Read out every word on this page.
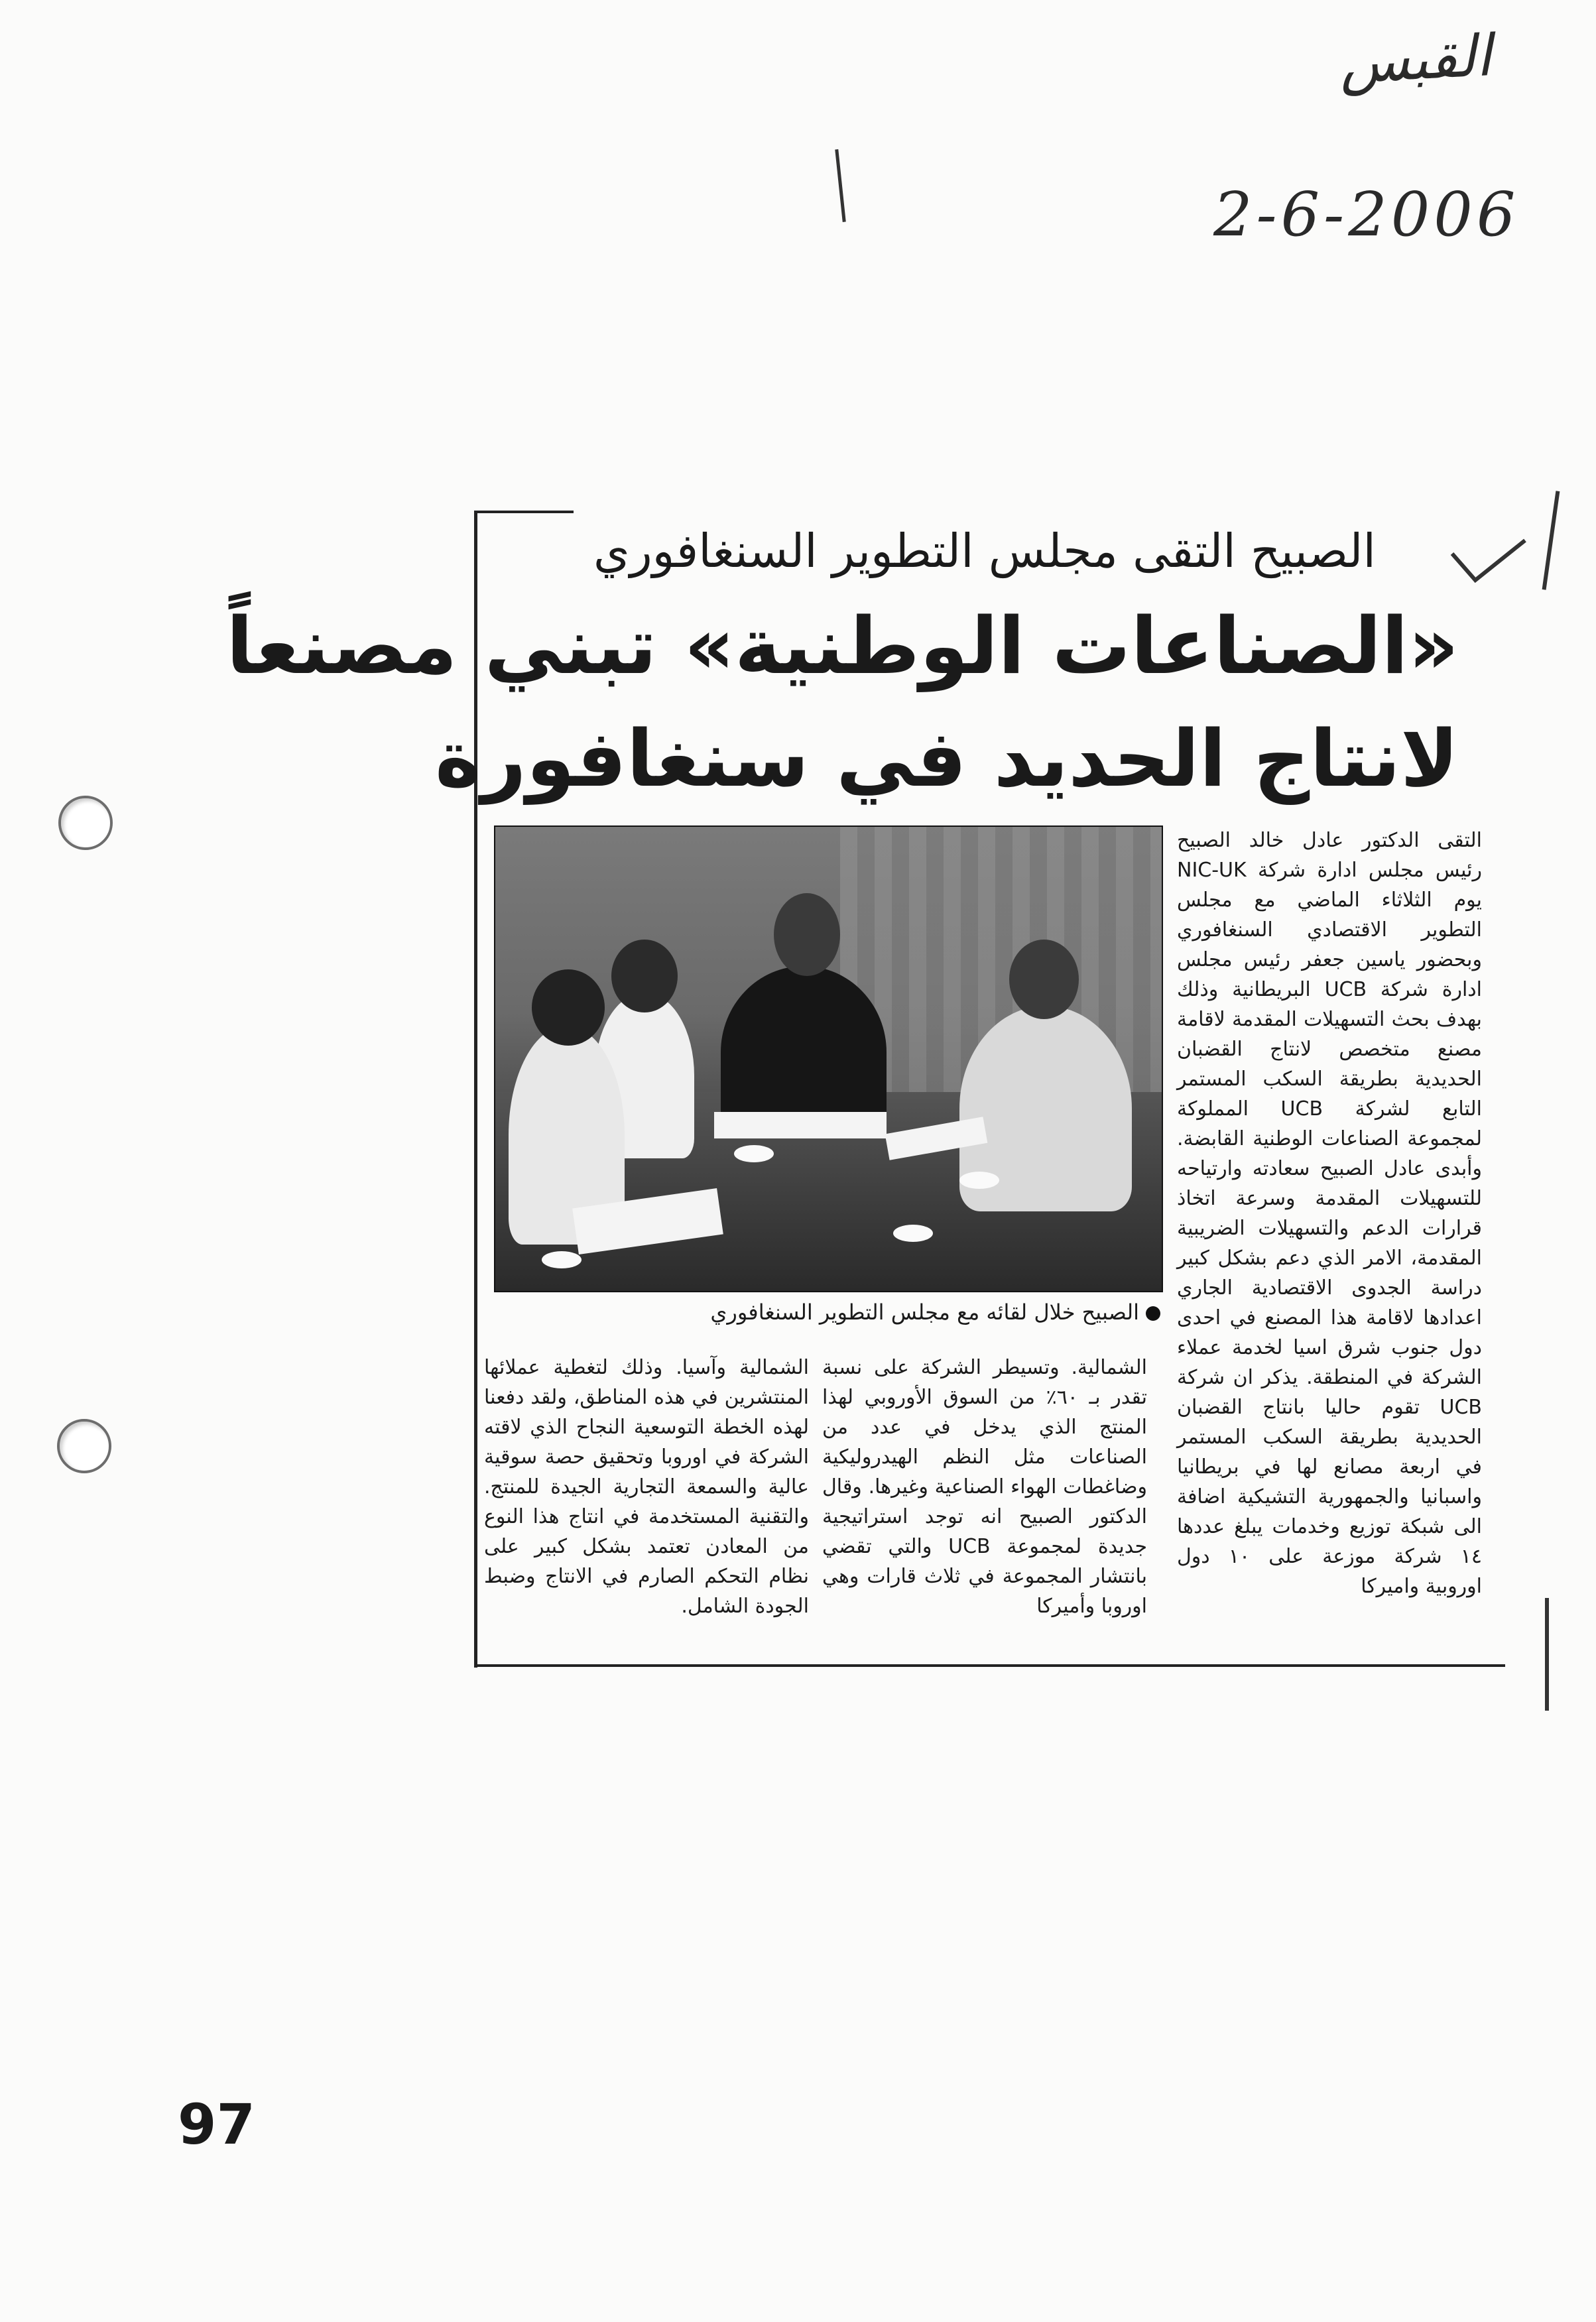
القبس
2-6-2006
الصبيح التقى مجلس التطوير السنغافوري
«الصناعات الوطنية» تبني مصنعاً
لانتاج الحديد في سنغافورة
الصبيح خلال لقائه مع مجلس التطوير السنغافوري

التقى الدكتور عادل خالد الصبيح رئيس مجلس ادارة شركة NIC-UK يوم الثلاثاء الماضي مع مجلس التطوير الاقتصادي السنغافوري وبحضور ياسين جعفر رئيس مجلس ادارة شركة UCB البريطانية وذلك بهدف بحث التسهيلات المقدمة لاقامة مصنع متخصص لانتاج القضبان الحديدية بطريقة السكب المستمر التابع لشركة UCB المملوكة لمجموعة الصناعات الوطنية القابضة. وأبدى عادل الصبيح سعادته وارتياحه للتسهيلات المقدمة وسرعة اتخاذ قرارات الدعم والتسهيلات الضريبية المقدمة، الامر الذي دعم بشكل كبير دراسة الجدوى الاقتصادية الجاري اعدادها لاقامة هذا المصنع في احدى دول جنوب شرق اسيا لخدمة عملاء الشركة في المنطقة. يذكر ان شركة UCB تقوم حاليا بانتاج القضبان الحديدية بطريقة السكب المستمر في اربعة مصانع لها في بريطانيا واسبانيا والجمهورية التشيكية اضافة الى شبكة توزيع وخدمات يبلغ عددها ١٤ شركة موزعة على ١٠ دول اوروبية واميركا

الشمالية. وتسيطر الشركة على نسبة تقدر بـ ٦٠٪ من السوق الأوروبي لهذا المنتج الذي يدخل في عدد من الصناعات مثل النظم الهيدروليكية وضاغطات الهواء الصناعية وغيرها. وقال الدكتور الصبيح انه توجد استراتيجية جديدة لمجموعة UCB والتي تقضي بانتشار المجموعة في ثلاث قارات وهي اوروبا وأميركا

الشمالية وآسيا. وذلك لتغطية عملائها المنتشرين في هذه المناطق، ولقد دفعنا لهذه الخطة التوسعية النجاح الذي لاقته الشركة في اوروبا وتحقيق حصة سوقية عالية والسمعة التجارية الجيدة للمنتج. والتقنية المستخدمة في انتاج هذا النوع من المعادن تعتمد بشكل كبير على نظام التحكم الصارم في الانتاج وضبط الجودة الشامل.

97
